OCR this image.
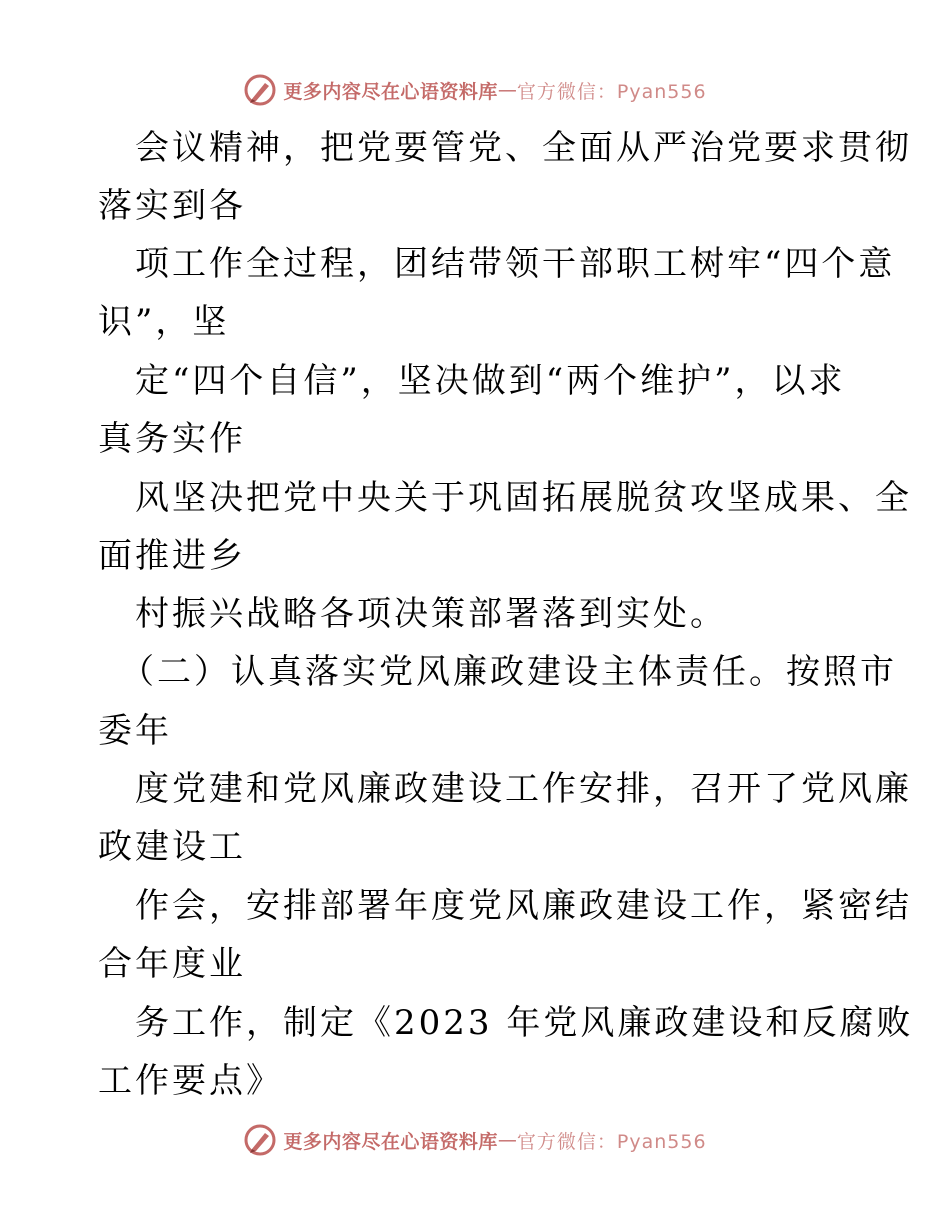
更多内容尽在心语资料库 — 官方微信：Pyan556
会议精神，把党要管党、全面从严治党要求贯彻
落实到各
项工作全过程，团结带领干部职工树牢“四个意
识”，坚
定“四个自信”，坚决做到“两个维护”，以求
真务实作
风坚决把党中央关于巩固拓展脱贫攻坚成果、全
面推进乡
村振兴战略各项决策部署落到实处。
（二）认真落实党风廉政建设主体责任。按照市
委年
度党建和党风廉政建设工作安排，召开了党风廉
政建设工
作会，安排部署年度党风廉政建设工作，紧密结
合年度业
务工作，制定《2023 年党风廉政建设和反腐败
工作要点》
更多内容尽在心语资料库 — 官方微信：Pyan556
